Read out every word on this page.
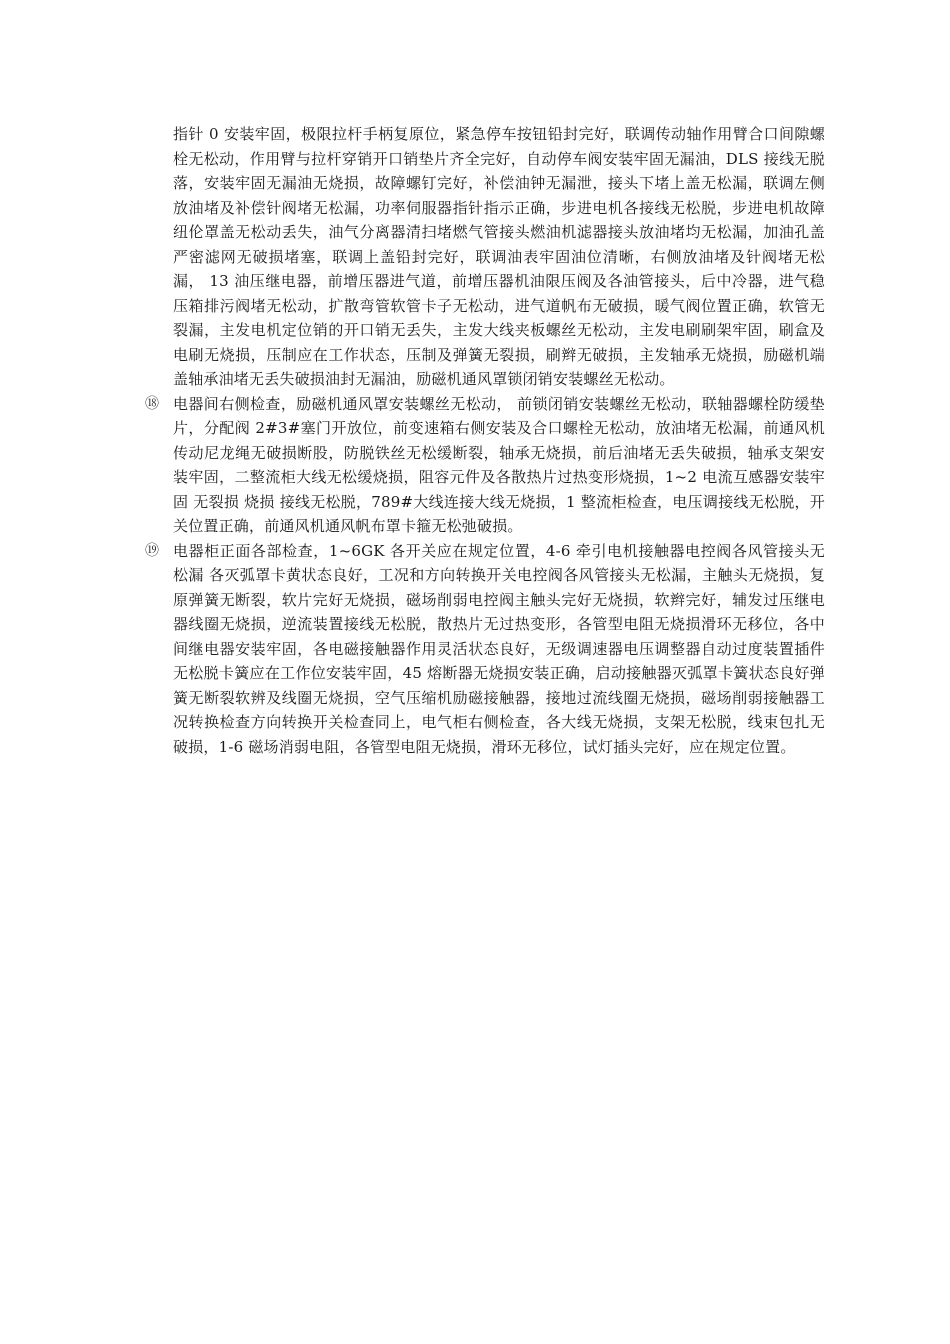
指针 0 安装牢固，极限拉杆手柄复原位，紧急停车按钮铅封完好，联调传动轴作用臂合口间隙螺栓无松动，作用臂与拉杆穿销开口销垫片齐全完好，自动停车阀安装牢固无漏油，DLS 接线无脱落，安装牢固无漏油无烧损，故障螺钉完好，补偿油钟无漏泄，接头下堵上盖无松漏，联调左侧放油堵及补偿针阀堵无松漏，功率伺服器指针指示正确，步进电机各接线无松脱，步进电机故障纽伦罩盖无松动丢失，油气分离器清扫堵燃气管接头燃油机滤器接头放油堵均无松漏，加油孔盖严密滤网无破损堵塞，联调上盖铅封完好，联调油表牢固油位清晰，右侧放油堵及针阀堵无松漏， 13 油压继电器，前增压器进气道，前增压器机油限压阀及各油管接头，后中冷器，进气稳压箱排污阀堵无松动，扩散弯管软管卡子无松动，进气道帆布无破损，暖气阀位置正确，软管无裂漏，主发电机定位销的开口销无丢失，主发大线夹板螺丝无松动，主发电刷刷架牢固，刷盒及电刷无烧损，压制应在工作状态，压制及弹簧无裂损，刷辫无破损，主发轴承无烧损，励磁机端盖轴承油堵无丢失破损油封无漏油，励磁机通风罩锁闭销安装螺丝无松动。
⑱ 电器间右侧检查，励磁机通风罩安装螺丝无松动， 前锁闭销安装螺丝无松动，联轴器螺栓防缓垫片，分配阀 2#3#塞门开放位，前变速箱右侧安装及合口螺栓无松动，放油堵无松漏，前通风机传动尼龙绳无破损断股，防脱铁丝无松缓断裂，轴承无烧损，前后油堵无丢失破损，轴承支架安装牢固，二整流柜大线无松缓烧损，阻容元件及各散热片过热变形烧损，1~2 电流互感器安装牢固 无裂损 烧损 接线无松脱，789#大线连接大线无烧损，1 整流柜检查，电压调接线无松脱，开关位置正确，前通风机通风帆布罩卡箍无松弛破损。
⑲ 电器柜正面各部检查，1~6GK 各开关应在规定位置，4-6 牵引电机接触器电控阀各风管接头无松漏 各灭弧罩卡黄状态良好，工况和方向转换开关电控阀各风管接头无松漏，主触头无烧损，复原弹簧无断裂，软片完好无烧损，磁场削弱电控阀主触头完好无烧损，软辫完好，辅发过压继电器线圈无烧损，逆流装置接线无松脱，散热片无过热变形，各管型电阻无烧损滑环无移位，各中间继电器安装牢固，各电磁接触器作用灵活状态良好，无级调速器电压调整器自动过度装置插件无松脱卡簧应在工作位安装牢固，45 熔断器无烧损安装正确，启动接触器灭弧罩卡簧状态良好弹簧无断裂软辨及线圈无烧损，空气压缩机励磁接触器，接地过流线圈无烧损，磁场削弱接触器工况转换检查方向转换开关检查同上，电气柜右侧检查，各大线无烧损，支架无松脱，线束包扎无破损，1-6 磁场消弱电阻，各管型电阻无烧损，滑环无移位，试灯插头完好，应在规定位置。
